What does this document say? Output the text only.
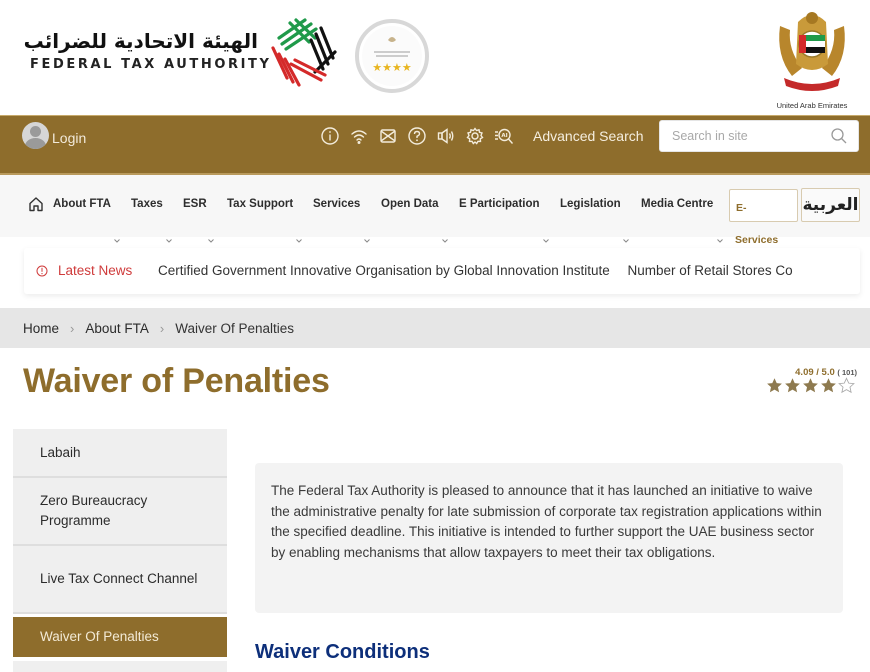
الهيئة الاتحادية للضرائب
FEDERAL TAX AUTHORITY	★★★★
United Arab Emirates
Login	AI Advanced Search
Search in site
About FTA Taxes ESR Tax Support Services Open Data E Participation Legislation Media Centre	E-	العربية
Services
Latest News Certified Government Innovative Organisation by Global Innovation Institute Number of Retail Stores Co
Home › About FTA › Waiver Of Penalties
Waiver of Penalties	4.09 / 5.0 ( 101)
Labaih
Zero Bureaucracy Programme
Live Tax Connect Channel
Waiver Of Penalties

The Federal Tax Authority is pleased to announce that it has launched an initiative to waive the administrative penalty for late submission of corporate tax registration applications within the specified deadline. This initiative is intended to further support the UAE business sector by enabling mechanisms that allow taxpayers to meet their tax obligations.

Waiver Conditions
